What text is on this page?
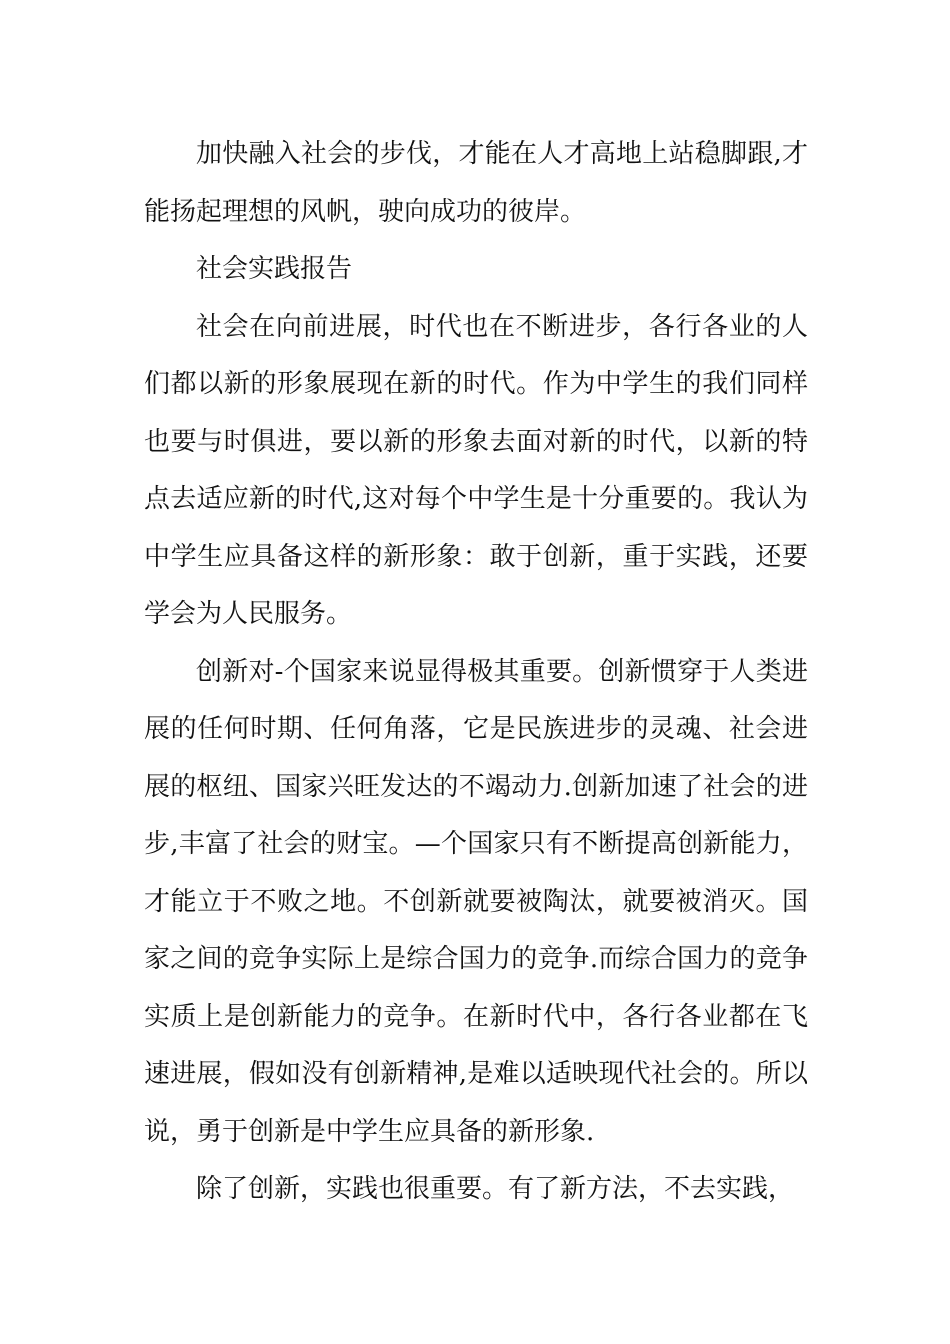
加快融入社会的步伐，才能在人才高地上站稳脚跟,才能扬起理想的风帆，驶向成功的彼岸。

社会实践报告

社会在向前进展，时代也在不断进步，各行各业的人们都以新的形象展现在新的时代。作为中学生的我们同样也要与时俱进，要以新的形象去面对新的时代，以新的特点去适应新的时代,这对每个中学生是十分重要的。我认为中学生应具备这样的新形象：敢于创新，重于实践，还要学会为人民服务。

创新对-个国家来说显得极其重要。创新惯穿于人类进展的任何时期、任何角落，它是民族进步的灵魂、社会进展的枢纽、国家兴旺发达的不竭动力.创新加速了社会的进步,丰富了社会的财宝。—个国家只有不断提高创新能力，才能立于不败之地。不创新就要被陶汰，就要被消灭。国家之间的竞争实际上是综合国力的竞争.而综合国力的竞争实质上是创新能力的竞争。在新时代中，各行各业都在飞速进展，假如没有创新精神,是难以适映现代社会的。所以说，勇于创新是中学生应具备的新形象.

除了创新，实践也很重要。有了新方法，不去实践，
